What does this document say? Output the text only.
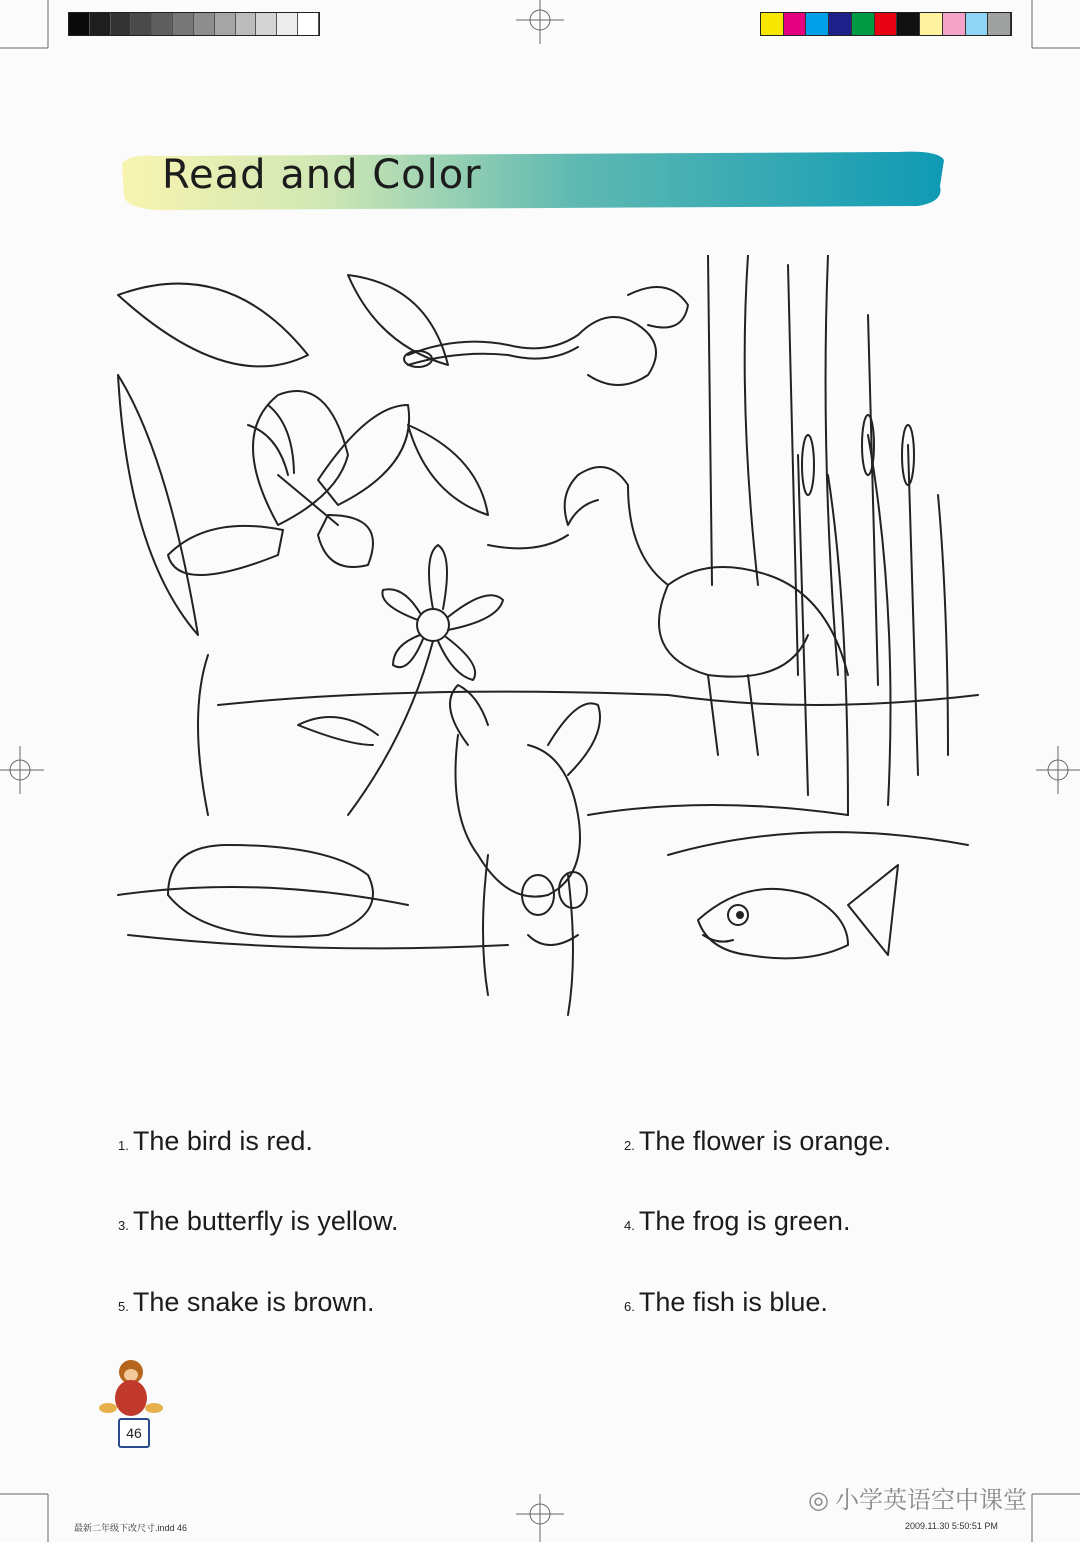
Read and Color
1. The bird is red.	2. The flower is orange.
3. The butterfly is yellow.	4. The frog is green.
5. The snake is brown.	6. The fish is blue.
46
◎ 小学英语空中课堂
最新二年级下改尺寸.indd 46	2009.11.30 5:50:51 PM
